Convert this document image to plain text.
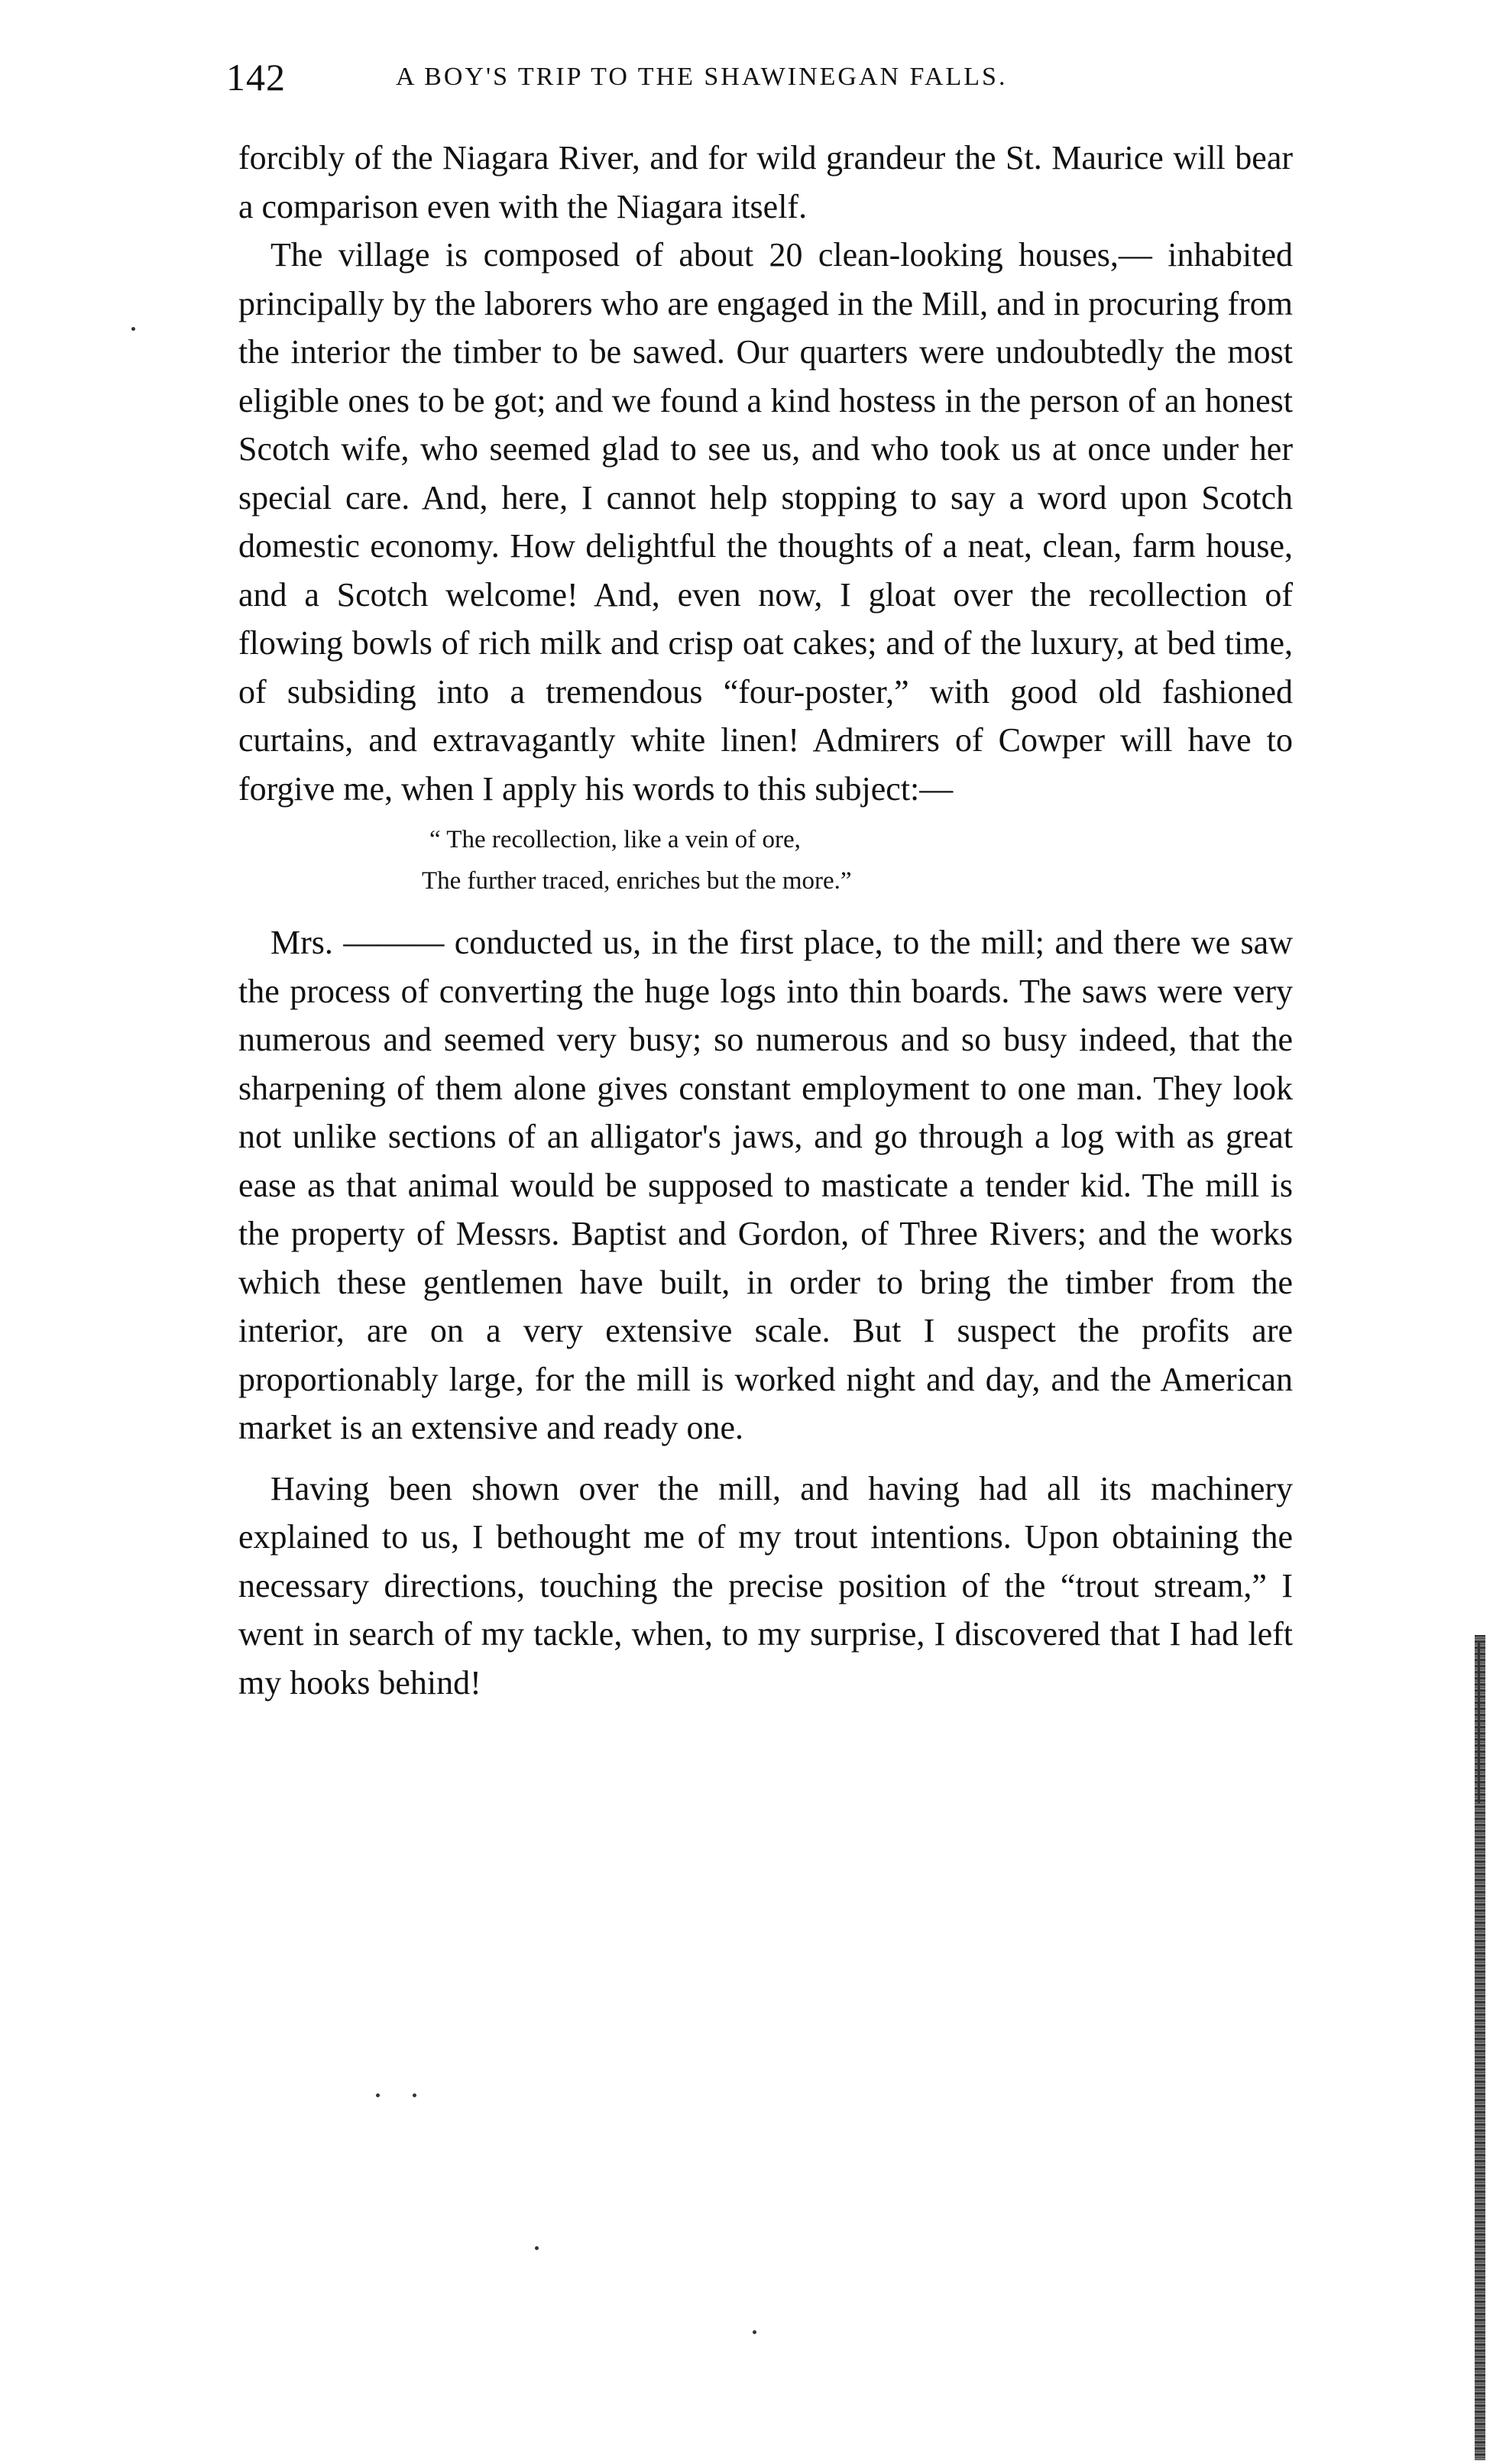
142	A BOY'S TRIP TO THE SHAWINEGAN FALLS.

forcibly of the Niagara River, and for wild grandeur the St. Maurice will bear a comparison even with the Niagara itself.

The village is composed of about 20 clean-looking houses,— inhabited principally by the laborers who are engaged in the Mill, and in procuring from the interior the timber to be sawed. Our quarters were undoubtedly the most eligible ones to be got; and we found a kind hostess in the person of an honest Scotch wife, who seemed glad to see us, and who took us at once under her special care. And, here, I cannot help stopping to say a word upon Scotch domestic economy. How delightful the thoughts of a neat, clean, farm house, and a Scotch welcome! And, even now, I gloat over the recollection of flowing bowls of rich milk and crisp oat cakes; and of the luxury, at bed time, of subsiding into a tremendous “four-poster,” with good old fashioned curtains, and extravagantly white linen! Admirers of Cowper will have to forgive me, when I apply his words to this subject:—

“ The recollection, like a vein of ore,
The further traced, enriches but the more.”

Mrs. ——— conducted us, in the first place, to the mill; and there we saw the process of converting the huge logs into thin boards. The saws were very numerous and seemed very busy; so numerous and so busy indeed, that the sharpening of them alone gives constant employment to one man. They look not unlike sections of an alligator's jaws, and go through a log with as great ease as that animal would be supposed to masticate a tender kid. The mill is the property of Messrs. Baptist and Gordon, of Three Rivers; and the works which these gentlemen have built, in order to bring the timber from the interior, are on a very extensive scale. But I suspect the profits are proportionably large, for the mill is worked night and day, and the American market is an extensive and ready one.

Having been shown over the mill, and having had all its machinery explained to us, I bethought me of my trout intentions. Upon obtaining the necessary directions, touching the precise position of the “trout stream,” I went in search of my tackle, when, to my surprise, I discovered that I had left my hooks behind!
